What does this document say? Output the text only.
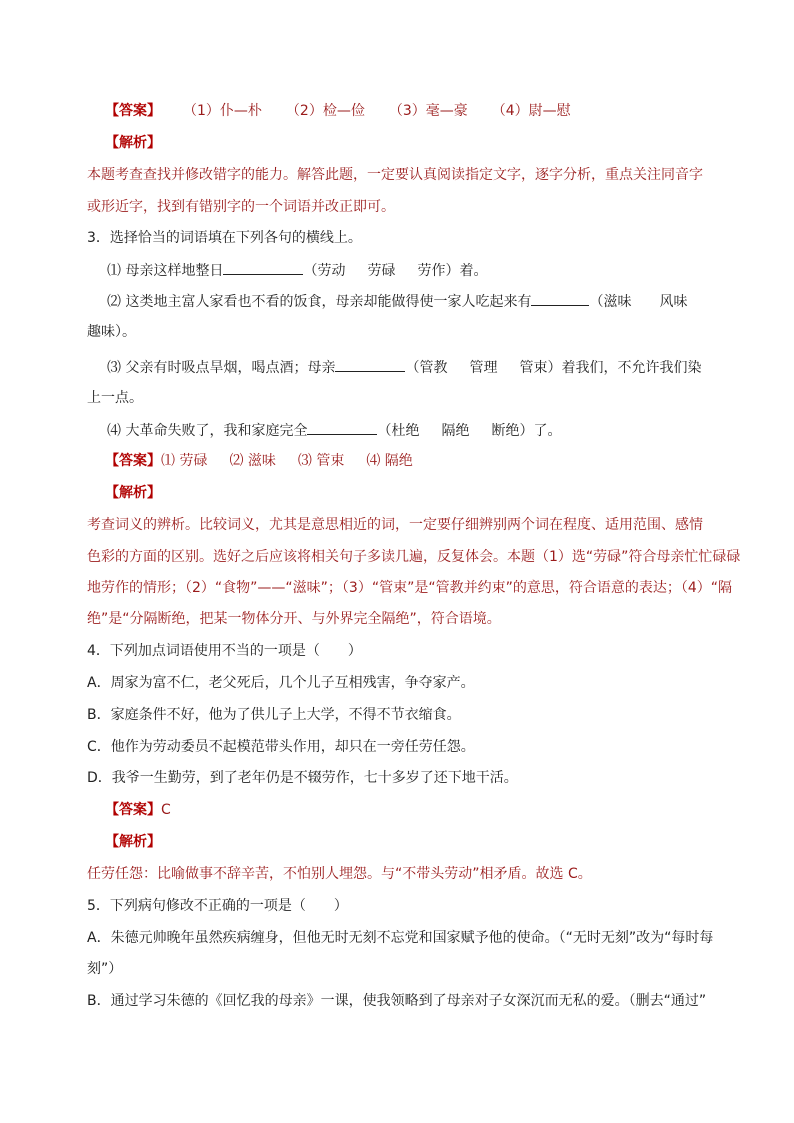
【答案】 （1）仆—朴 （2）检—俭 （3）毫—豪 （4）尉—慰
【解析】
本题考查查找并修改错字的能力。解答此题，一定要认真阅读指定文字，逐字分析，重点关注同音字
或形近字，找到有错别字的一个词语并改正即可。
3．选择恰当的词语填在下列各句的横线上。
⑴ 母亲这样地整日	（劳动 劳碌 劳作）着。
⑵ 这类地主富人家看也不看的饭食，母亲却能做得使一家人吃起来有	（滋味 风味
趣味）。
⑶ 父亲有时吸点旱烟，喝点酒；母亲	（管教 管理 管束）着我们，不允许我们染
上一点。
⑷ 大革命失败了，我和家庭完全	（杜绝 隔绝 断绝）了。
【答案】⑴ 劳碌 ⑵ 滋味 ⑶ 管束 ⑷ 隔绝
【解析】
考查词义的辨析。比较词义，尤其是意思相近的词，一定要仔细辨别两个词在程度、适用范围、感情
色彩的方面的区别。选好之后应该将相关句子多读几遍，反复体会。本题（1）选“劳碌”符合母亲忙忙碌碌
地劳作的情形；（2）“食物”——“滋味”；（3）“管束”是“管教并约束”的意思，符合语意的表达；（4）“隔
绝”是“分隔断绝，把某一物体分开、与外界完全隔绝”，符合语境。
4．下列加点词语使用不当的一项是（　　）
A．周家为富不仁，老父死后，几个儿子互相残害，争夺家产。
B．家庭条件不好，他为了供儿子上大学，不得不节衣缩食。
C．他作为劳动委员不起模范带头作用，却只在一旁任劳任怨。
D．我爷一生勤劳，到了老年仍是不辍劳作，七十多岁了还下地干活。
【答案】C
【解析】
任劳任怨：比喻做事不辞辛苦，不怕别人埋怨。与“不带头劳动”相矛盾。故选 C。
5．下列病句修改不正确的一项是（　　）
A．朱德元帅晚年虽然疾病缠身，但他无时无刻不忘党和国家赋予他的使命。（“无时无刻”改为“每时每
刻”）
B．通过学习朱德的《回忆我的母亲》一课，使我领略到了母亲对子女深沉而无私的爱。（删去“通过”
